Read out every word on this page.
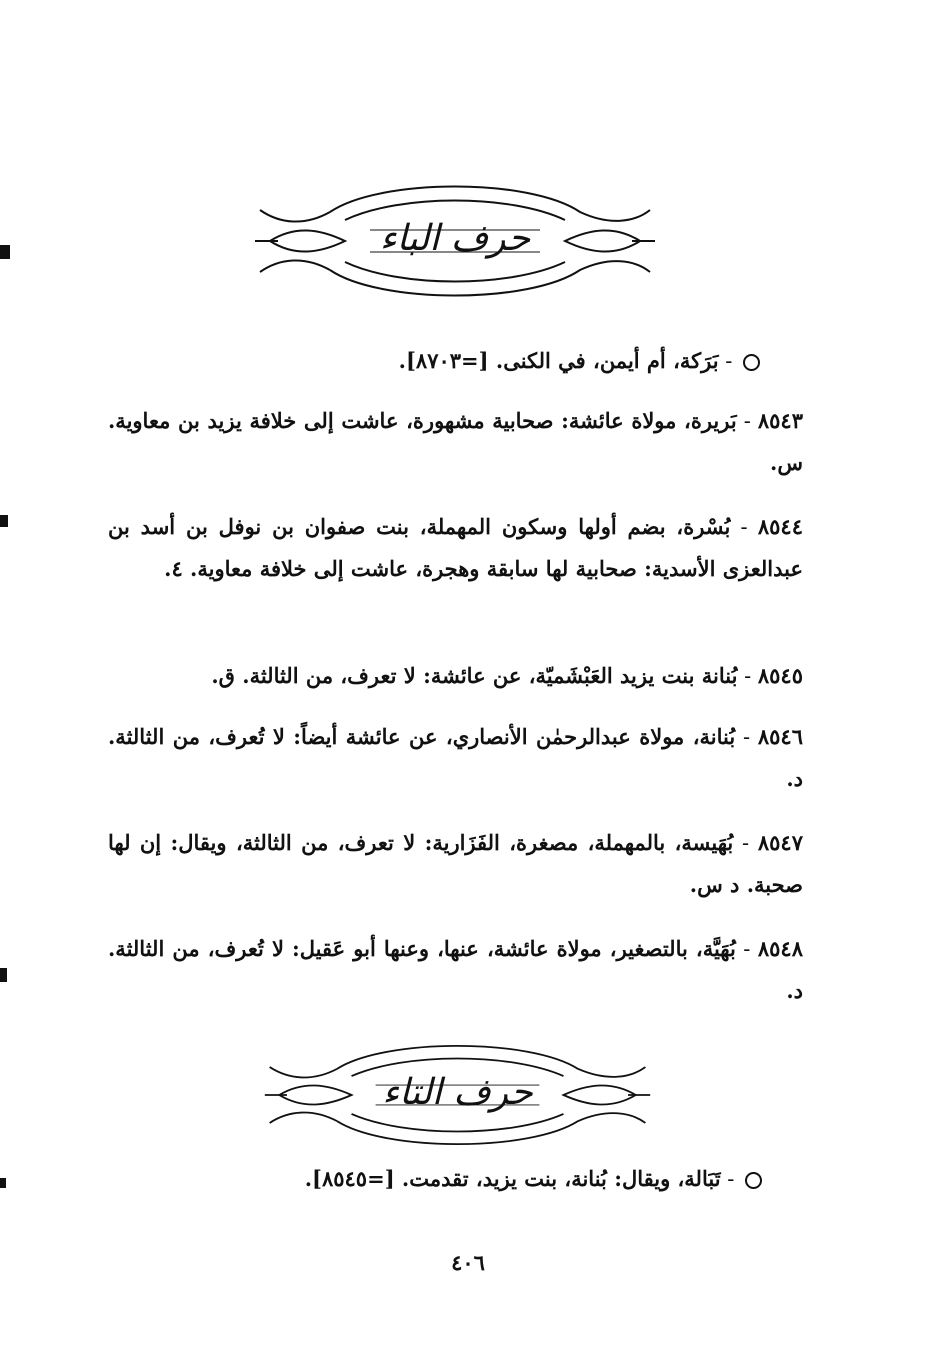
حرف الباء
- بَرَكة، أم أيمن، في الكنى. [=٨٧٠٣].
٨٥٤٣ - بَريرة، مولاة عائشة: صحابية مشهورة، عاشت إلى خلافة يزيد بن معاوية. س.
٨٥٤٤ - بُسْرة، بضم أولها وسكون المهملة، بنت صفوان بن نوفل بن أسد بن عبدالعزى الأسدية: صحابية لها سابقة وهجرة، عاشت إلى خلافة معاوية. ٤.
٨٥٤٥ - بُنانة بنت يزيد العَبْشَميّة، عن عائشة: لا تعرف، من الثالثة. ق.
٨٥٤٦ - بُنانة، مولاة عبدالرحمٰن الأنصاري، عن عائشة أيضاً: لا تُعرف، من الثالثة. د.
٨٥٤٧ - بُهَيسة، بالمهملة، مصغرة، الفَزَارية: لا تعرف، من الثالثة، ويقال: إن لها صحبة. د س.
٨٥٤٨ - بُهَيَّة، بالتصغير، مولاة عائشة، عنها، وعنها أبو عَقيل: لا تُعرف، من الثالثة. د.
حرف التاء
- تَبَالة، ويقال: بُنانة، بنت يزيد، تقدمت. [=٨٥٤٥].
٤٠٦
